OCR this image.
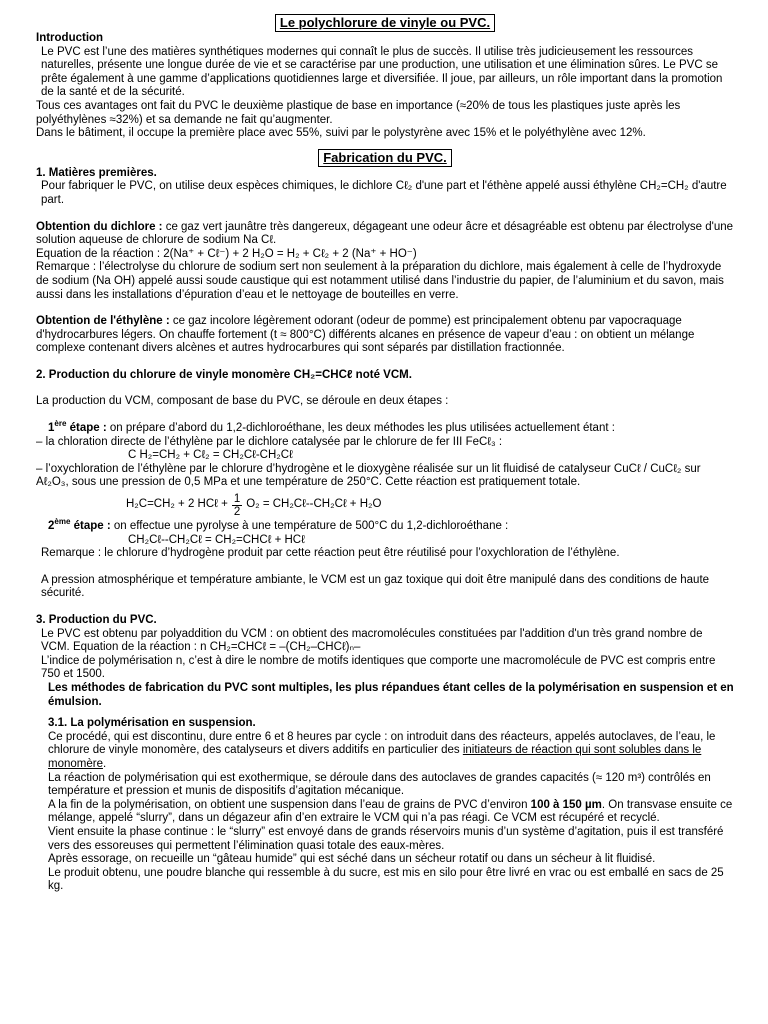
Le polychlorure de vinyle ou PVC.

Introduction

Le PVC est l’une des matières synthétiques modernes qui connaît le plus de succès. Il utilise très judicieusement les ressources naturelles, présente une longue durée de vie et se caractérise par une production, une utilisation et une élimination sûres. Le PVC se prête également à une gamme d’applications quotidiennes large et diversifiée. Il joue, par ailleurs, un rôle important dans la promotion de la santé et de la sécurité.

Tous ces avantages ont fait du PVC le deuxième plastique de base en importance (≈20% de tous les plastiques juste après les polyéthylènes ≈32%) et sa demande ne fait qu’augmenter.

Dans le bâtiment, il occupe la première place avec 55%, suivi par le polystyrène avec 15% et le polyéthylène avec 12%.

Fabrication du PVC.

1. Matières premières.

Pour fabriquer le PVC, on utilise deux espèces chimiques, le dichlore Cℓ₂ d'une part et l'éthène appelé aussi éthylène CH₂=CH₂ d'autre part.

Obtention du dichlore : ce gaz vert jaunâtre très dangereux, dégageant une odeur âcre et désagréable est obtenu par électrolyse d'une solution aqueuse de chlorure de sodium Na Cℓ.

Equation de la réaction : 2(Na⁺ + Cℓ⁻) + 2 H₂O = H₂ + Cℓ₂ + 2 (Na⁺ + HO⁻)

Remarque : l’électrolyse du chlorure de sodium sert non seulement à la préparation du dichlore, mais également à celle de l’hydroxyde de sodium (Na OH) appelé aussi soude caustique qui est notamment utilisé dans l’industrie du papier, de l’aluminium et du savon, mais aussi dans les installations d’épuration d’eau et le nettoyage de bouteilles en verre.

Obtention de l'éthylène : ce gaz incolore légèrement odorant (odeur de pomme) est principalement obtenu par vapocraquage d'hydrocarbures légers. On chauffe fortement (t ≈ 800°C) différents alcanes en présence de vapeur d’eau : on obtient un mélange complexe contenant divers alcènes et autres hydrocarbures qui sont séparés par distillation fractionnée.

2. Production du chlorure de vinyle monomère CH₂=CHCℓ noté VCM.

La production du VCM, composant de base du PVC, se déroule en deux étapes :

1ère étape : on prépare d’abord du 1,2-dichloroéthane, les deux méthodes les plus utilisées actuellement étant :

– la chloration directe de l’éthylène par le dichlore catalysée par le chlorure de fer III FeCℓ₃ :

C H₂=CH₂ + Cℓ₂ = CH₂Cℓ-CH₂Cℓ

– l’oxychloration de l’éthylène par le chlorure d’hydrogène et le dioxygène réalisée sur un lit fluidisé de catalyseur CuCℓ / CuCℓ₂ sur Aℓ₂O₃, sous une pression de 0,5 MPa et une température de 250°C. Cette réaction est pratiquement totale.

H₂C=CH₂ + 2 HCℓ + $\frac{1}{2} O_2$ = CH₂Cℓ--CH₂Cℓ + H₂O

2ème étape : on effectue une pyrolyse à une température de 500°C du 1,2-dichloroéthane :

CH₂Cℓ--CH₂Cℓ = CH₂=CHCℓ + HCℓ

Remarque : le chlorure d’hydrogène produit par cette réaction peut être réutilisé pour l’oxychloration de l’éthylène.

A pression atmosphérique et température ambiante, le VCM est un gaz toxique qui doit être manipulé dans des conditions de haute sécurité.

3. Production du PVC.

Le PVC est obtenu par polyaddition du VCM : on obtient des macromolécules constituées par l'addition d'un très grand nombre de VCM. Equation de la réaction : n CH₂=CHCℓ = –(CH₂–CHCℓ)ₙ–

L’indice de polymérisation n, c’est à dire le nombre de motifs identiques que comporte une macromolécule de PVC est compris entre 750 et 1500.

Les méthodes de fabrication du PVC sont multiples, les plus répandues étant celles de la polymérisation en suspension et en émulsion.

3.1. La polymérisation en suspension.

Ce procédé, qui est discontinu, dure entre 6 et 8 heures par cycle : on introduit dans des réacteurs, appelés autoclaves, de l’eau, le chlorure de vinyle monomère, des catalyseurs et divers additifs en particulier des initiateurs de réaction qui sont solubles dans le monomère.

La réaction de polymérisation qui est exothermique, se déroule dans des autoclaves de grandes capacités (≈ 120 m³) contrôlés en température et pression et munis de dispositifs d’agitation mécanique.

A la fin de la polymérisation, on obtient une suspension dans l’eau de grains de PVC d’environ 100 à 150 µm. On transvase ensuite ce mélange, appelé “slurry”, dans un dégazeur afin d’en extraire le VCM qui n’a pas réagi. Ce VCM est récupéré et recyclé.

Vient ensuite la phase continue : le “slurry” est envoyé dans de grands réservoirs munis d’un système d’agitation, puis il est transféré vers des essoreuses qui permettent l’élimination quasi totale des eaux-mères.

Après essorage, on recueille un “gâteau humide” qui est séché dans un sécheur rotatif ou dans un sécheur à lit fluidisé.

Le produit obtenu, une poudre blanche qui ressemble à du sucre, est mis en silo pour être livré en vrac ou est emballé en sacs de 25 kg.
